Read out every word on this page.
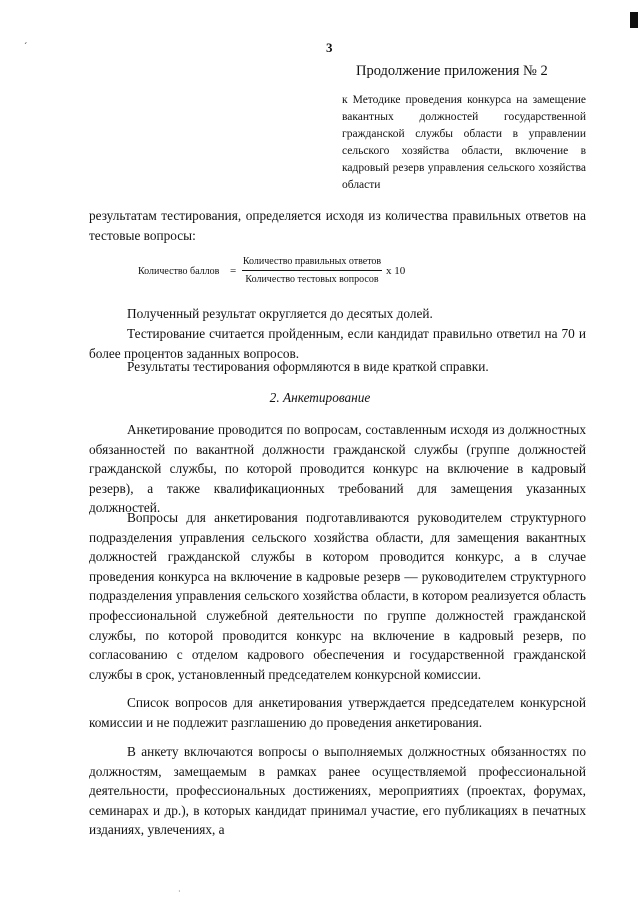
´
·
3
Продолжение приложения № 2
к Методике проведения конкурса на замещение вакантных должностей государственной гражданской службы области в управлении сельского хозяйства области, включение в кадровый резерв управления сельского хозяйства области
результатам тестирования, определяется исходя из количества правильных ответов на тестовые вопросы:
Количество баллов =
Количество правильных ответов
Количество тестовых вопросов
х 10
Полученный результат округляется до десятых долей.
Тестирование считается пройденным, если кандидат правильно ответил на 70 и более процентов заданных вопросов.
Результаты тестирования оформляются в виде краткой справки.
2. Анкетирование
Анкетирование проводится по вопросам, составленным исходя из должностных обязанностей по вакантной должности гражданской службы (группе должностей гражданской службы, по которой проводится конкурс на включение в кадровый резерв), а также квалификационных требований для замещения указанных должностей.
Вопросы для анкетирования подготавливаются руководителем структурного подразделения управления сельского хозяйства области, для замещения вакантных должностей гражданской службы в котором проводится конкурс, а в случае проведения конкурса на включение в кадровые резерв — руководителем структурного подразделения управления сельского хозяйства области, в котором реализуется область профессиональной служебной деятельности по группе должностей гражданской службы, по которой проводится конкурс на включение в кадровый резерв, по согласованию с отделом кадрового обеспечения и государственной гражданской службы в срок, установленный председателем конкурсной комиссии.
Список вопросов для анкетирования утверждается председателем конкурсной комиссии и не подлежит разглашению до проведения анкетирования.
В анкету включаются вопросы о выполняемых должностных обязанностях по должностям, замещаемым в рамках ранее осуществляемой профессиональной деятельности, профессиональных достижениях, мероприятиях (проектах, форумах, семинарах и др.), в которых кандидат принимал участие, его публикациях в печатных изданиях, увлечениях, а
